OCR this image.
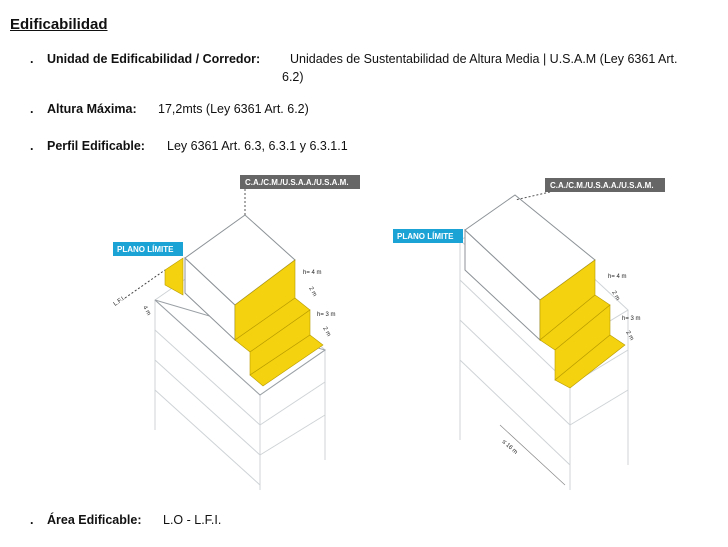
Edificabilidad
. Unidad de Edificabilidad / Corredor: Unidades de Sustentabilidad de Altura Media | U.S.A.M (Ley 6361 Art.
6.2)
. Altura Máxima: 17,2mts (Ley 6361 Art. 6.2)
. Perfil Edificable: Ley 6361 Art. 6.3, 6.3.1 y 6.3.1.1
. Área Edificable: L.O - L.F.I.
C.A./C.M./U.S.A.A./U.S.A.M.
PLANO LÍMITE
L.F.I.
4 m
h= 4 m
2 m
h= 3 m
2 m
C.A./C.M./U.S.A.A./U.S.A.M.
PLANO LÍMITE
h= 4 m
2 m
h= 3 m
2 m
≤ 16 m
